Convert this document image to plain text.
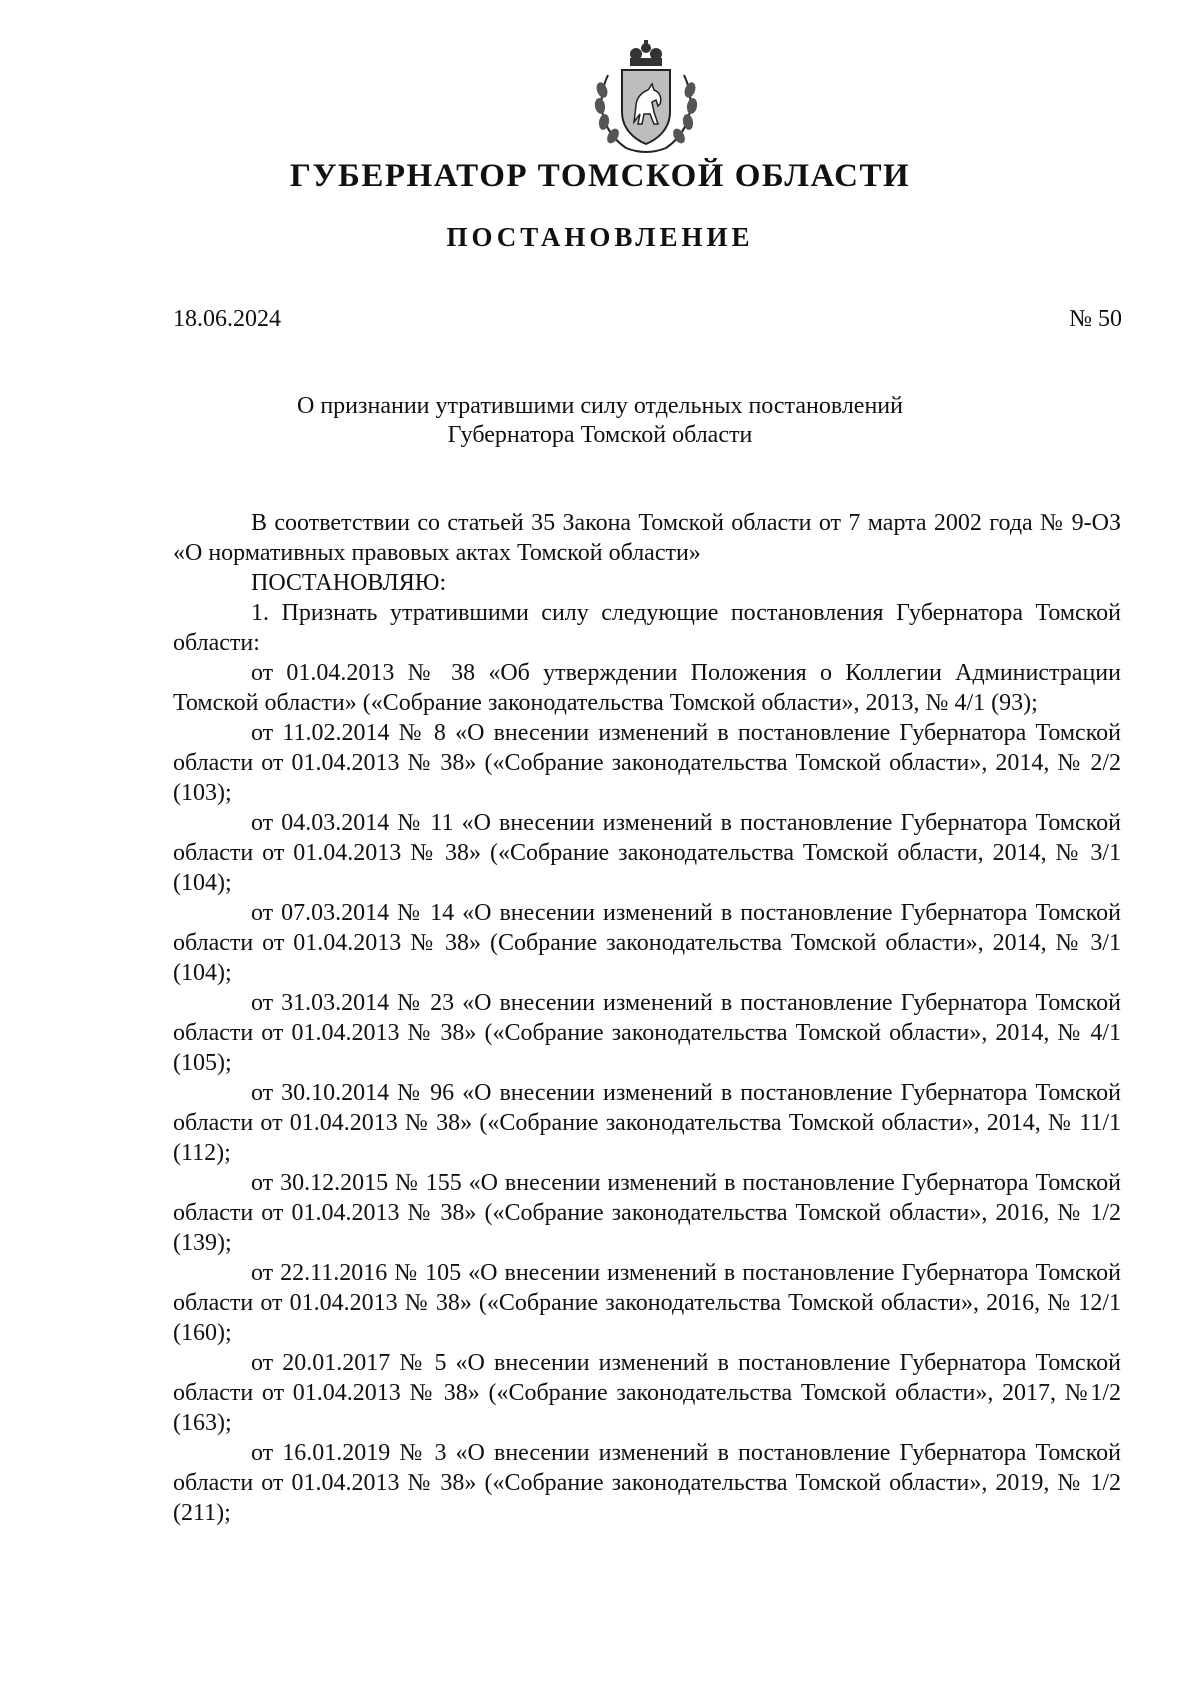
ГУБЕРНАТОР ТОМСКОЙ ОБЛАСТИ
ПОСТАНОВЛЕНИЕ
18.06.2024	№ 50
О признании утратившими силу отдельных постановлений
Губернатора Томской области

В соответствии со статьей 35 Закона Томской области от 7 марта 2002 года № 9-ОЗ «О нормативных правовых актах Томской области»

ПОСТАНОВЛЯЮ:

1. Признать утратившими силу следующие постановления Губернатора Томской области:

от 01.04.2013 № 38 «Об утверждении Положения о Коллегии Администрации Томской области» («Собрание законодательства Томской области», 2013, № 4/1 (93);

от 11.02.2014 № 8 «О внесении изменений в постановление Губернатора Томской области от 01.04.2013 № 38» («Собрание законодательства Томской области», 2014, № 2/2 (103);

от 04.03.2014 № 11 «О внесении изменений в постановление Губернатора Томской области от 01.04.2013 № 38» («Собрание законодательства Томской области, 2014, № 3/1 (104);

от 07.03.2014 № 14 «О внесении изменений в постановление Губернатора Томской области от 01.04.2013 № 38» (Собрание законодательства Томской области», 2014, № 3/1 (104);

от 31.03.2014 № 23 «О внесении изменений в постановление Губернатора Томской области от 01.04.2013 № 38» («Собрание законодательства Томской области», 2014, № 4/1 (105);

от 30.10.2014 № 96 «О внесении изменений в постановление Губернатора Томской области от 01.04.2013 № 38» («Собрание законодательства Томской области», 2014, № 11/1 (112);

от 30.12.2015 № 155 «О внесении изменений в постановление Губернатора Томской области от 01.04.2013 № 38» («Собрание законодательства Томской области», 2016, № 1/2 (139);

от 22.11.2016 № 105 «О внесении изменений в постановление Губернатора Томской области от 01.04.2013 № 38» («Собрание законодательства Томской области», 2016, № 12/1 (160);

от 20.01.2017 № 5 «О внесении изменений в постановление Губернатора Томской области от 01.04.2013 № 38» («Собрание законодательства Томской области», 2017, №1/2 (163);

от 16.01.2019 № 3 «О внесении изменений в постановление Губернатора Томской области от 01.04.2013 № 38» («Собрание законодательства Томской области», 2019, № 1/2 (211);
